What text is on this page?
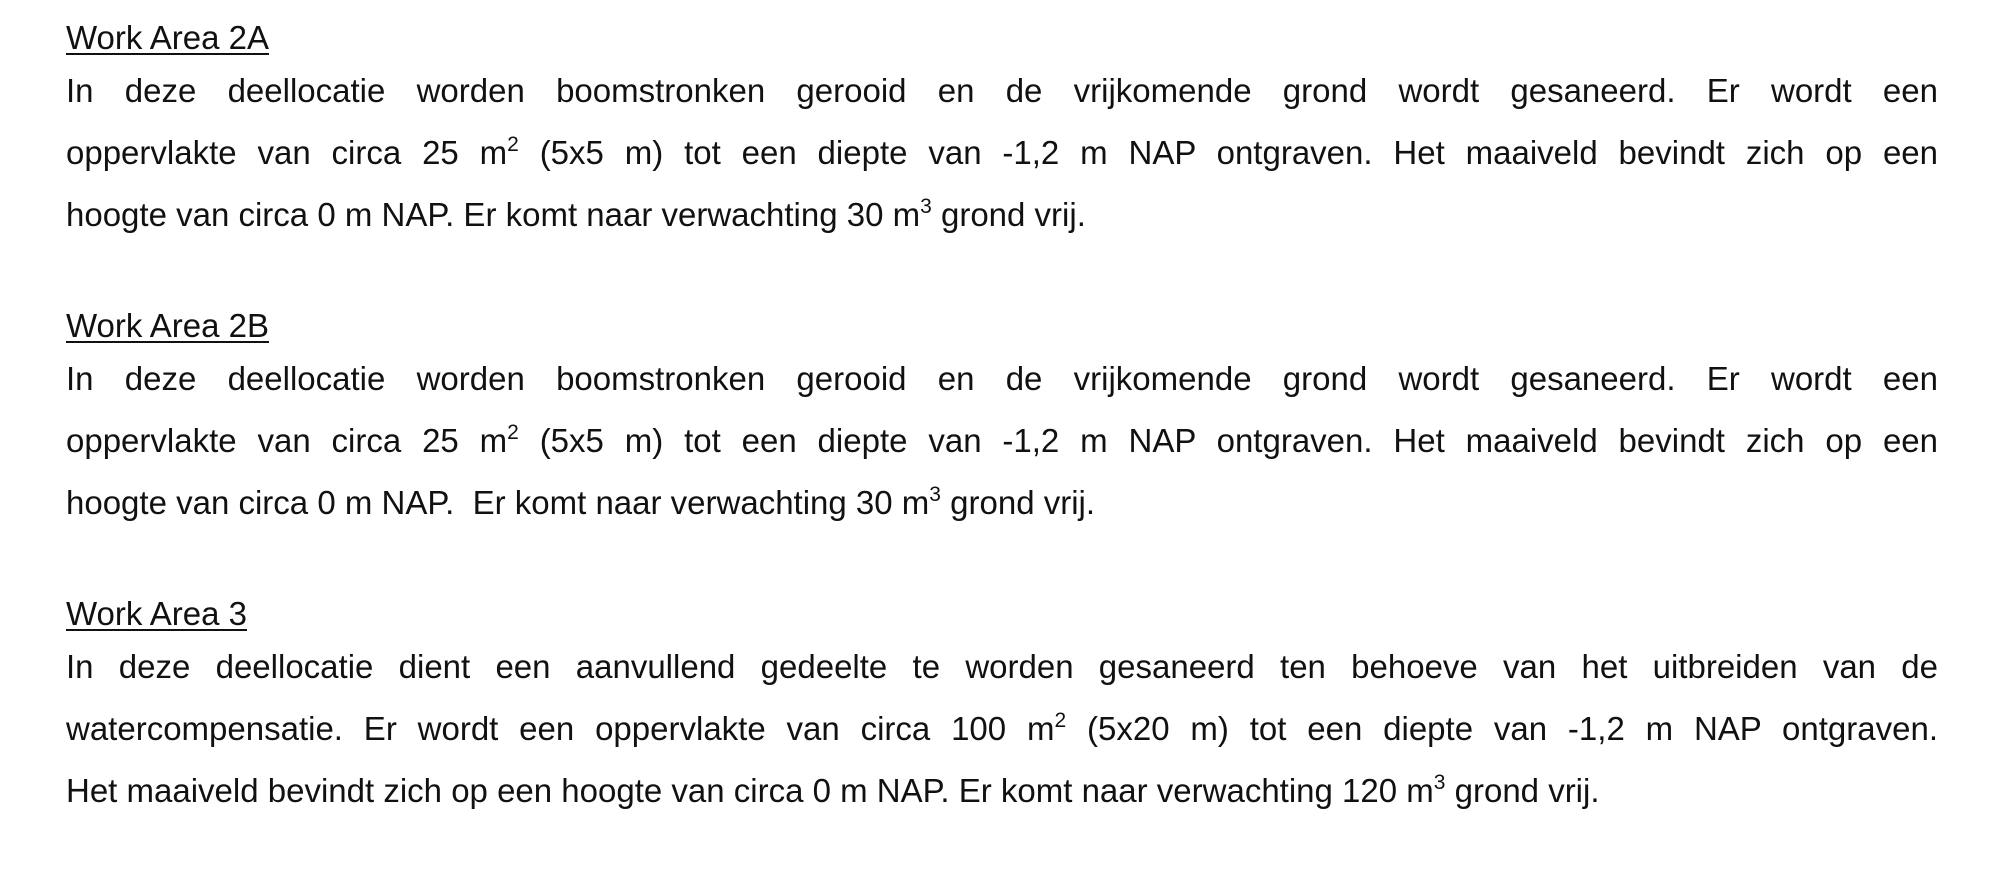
Work Area 2A

In deze deellocatie worden boomstronken gerooid en de vrijkomende grond wordt gesaneerd. Er wordt een
oppervlakte van circa 25 $m^2$ (5x5 m) tot een diepte van -1,2 m NAP ontgraven. Het maaiveld bevindt zich op een
hoogte van circa 0 m NAP. Er komt naar verwachting 30 $m^3$ grond vrij.

Work Area 2B

In deze deellocatie worden boomstronken gerooid en de vrijkomende grond wordt gesaneerd. Er wordt een
oppervlakte van circa 25 $m^2$ (5x5 m) tot een diepte van -1,2 m NAP ontgraven. Het maaiveld bevindt zich op een
hoogte van circa 0 m NAP.  Er komt naar verwachting 30 $m^3$ grond vrij.

Work Area 3

In deze deellocatie dient een aanvullend gedeelte te worden gesaneerd ten behoeve van het uitbreiden van de
watercompensatie. Er wordt een oppervlakte van circa 100 $m^2$ (5x20 m) tot een diepte van -1,2 m NAP ontgraven.
Het maaiveld bevindt zich op een hoogte van circa 0 m NAP. Er komt naar verwachting 120 $m^3$ grond vrij.
